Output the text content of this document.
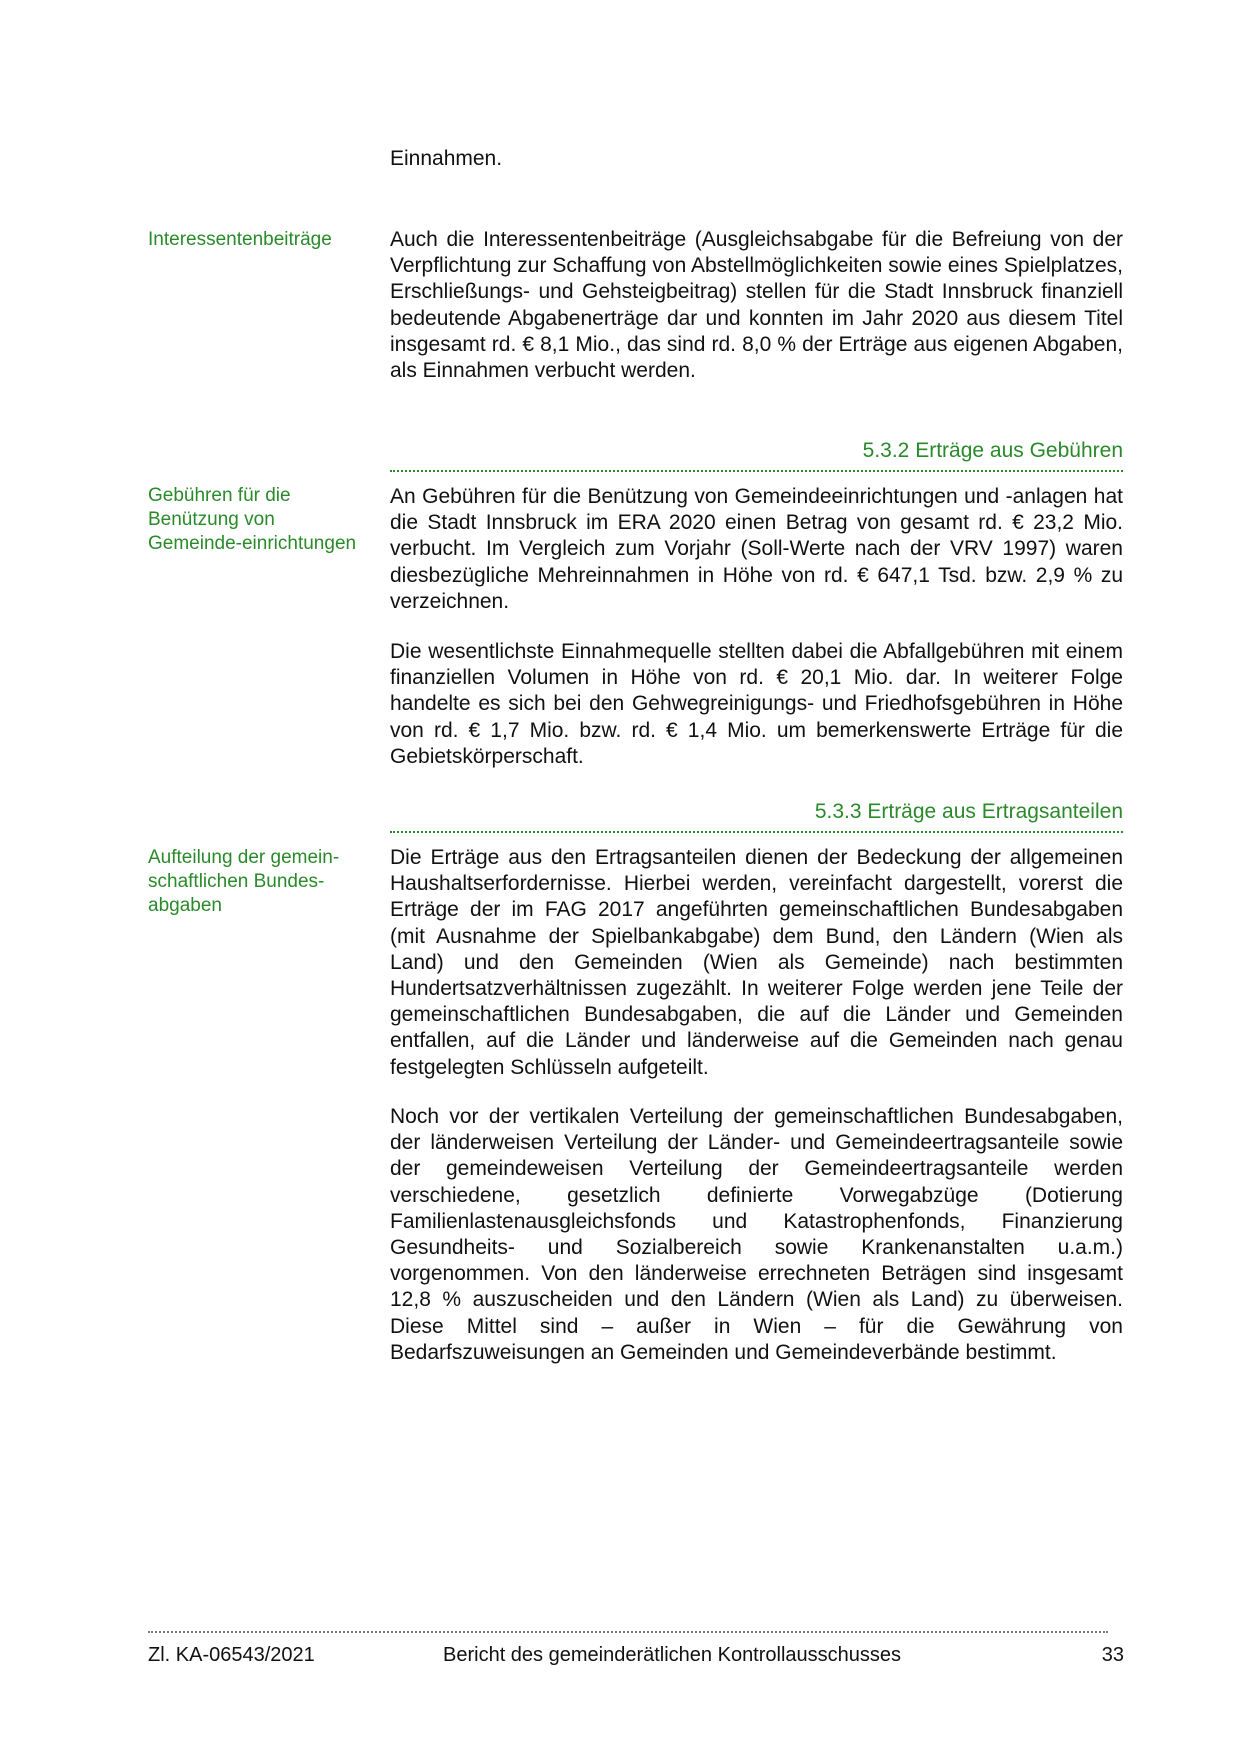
Einnahmen.
Interessentenbeiträge	Auch die Interessentenbeiträge (Ausgleichsabgabe für die Befreiung von der Verpflichtung zur Schaffung von Abstellmöglichkeiten sowie eines Spielplatzes, Erschließungs- und Gehsteigbeitrag) stellen für die Stadt Innsbruck finanziell bedeutende Abgabenerträge dar und konnten im Jahr 2020 aus diesem Titel insgesamt rd. € 8,1 Mio., das sind rd. 8,0 % der Erträge aus eigenen Abgaben, als Einnahmen verbucht werden.
5.3.2 Erträge aus Gebühren
Gebühren für die Benützung von Gemeinde-einrichtungen
An Gebühren für die Benützung von Gemeindeeinrichtungen und -anlagen hat die Stadt Innsbruck im ERA 2020 einen Betrag von gesamt rd. € 23,2 Mio. verbucht. Im Vergleich zum Vorjahr (Soll-Werte nach der VRV 1997) waren diesbezügliche Mehreinnahmen in Höhe von rd. € 647,1 Tsd. bzw. 2,9 % zu verzeichnen.
Die wesentlichste Einnahmequelle stellten dabei die Abfallgebühren mit einem finanziellen Volumen in Höhe von rd. € 20,1 Mio. dar. In weiterer Folge handelte es sich bei den Gehwegreinigungs- und Friedhofsgebühren in Höhe von rd. € 1,7 Mio. bzw. rd. € 1,4 Mio. um bemerkenswerte Erträge für die Gebietskörperschaft.
5.3.3 Erträge aus Ertragsanteilen
Aufteilung der gemein-schaftlichen Bundes-abgaben
Die Erträge aus den Ertragsanteilen dienen der Bedeckung der allgemeinen Haushaltserfordernisse. Hierbei werden, vereinfacht dargestellt, vorerst die Erträge der im FAG 2017 angeführten gemeinschaftlichen Bundesabgaben (mit Ausnahme der Spielbankabgabe) dem Bund, den Ländern (Wien als Land) und den Gemeinden (Wien als Gemeinde) nach bestimmten Hundertsatzverhältnissen zugezählt. In weiterer Folge werden jene Teile der gemeinschaftlichen Bundesabgaben, die auf die Länder und Gemeinden entfallen, auf die Länder und länderweise auf die Gemeinden nach genau festgelegten Schlüsseln aufgeteilt.
Noch vor der vertikalen Verteilung der gemeinschaftlichen Bundesabgaben, der länderweisen Verteilung der Länder- und Gemeindeertragsanteile sowie der gemeindeweisen Verteilung der Gemeindeertragsanteile werden verschiedene, gesetzlich definierte Vorwegabzüge (Dotierung Familienlastenausgleichsfonds und Katastrophenfonds, Finanzierung Gesundheits- und Sozialbereich sowie Krankenanstalten u.a.m.) vorgenommen. Von den länderweise errechneten Beträgen sind insgesamt 12,8 % auszuscheiden und den Ländern (Wien als Land) zu überweisen. Diese Mittel sind – außer in Wien – für die Gewährung von Bedarfszuweisungen an Gemeinden und Gemeindeverbände bestimmt.
Zl. KA-06543/2021	Bericht des gemeinderätlichen Kontrollausschusses	33
